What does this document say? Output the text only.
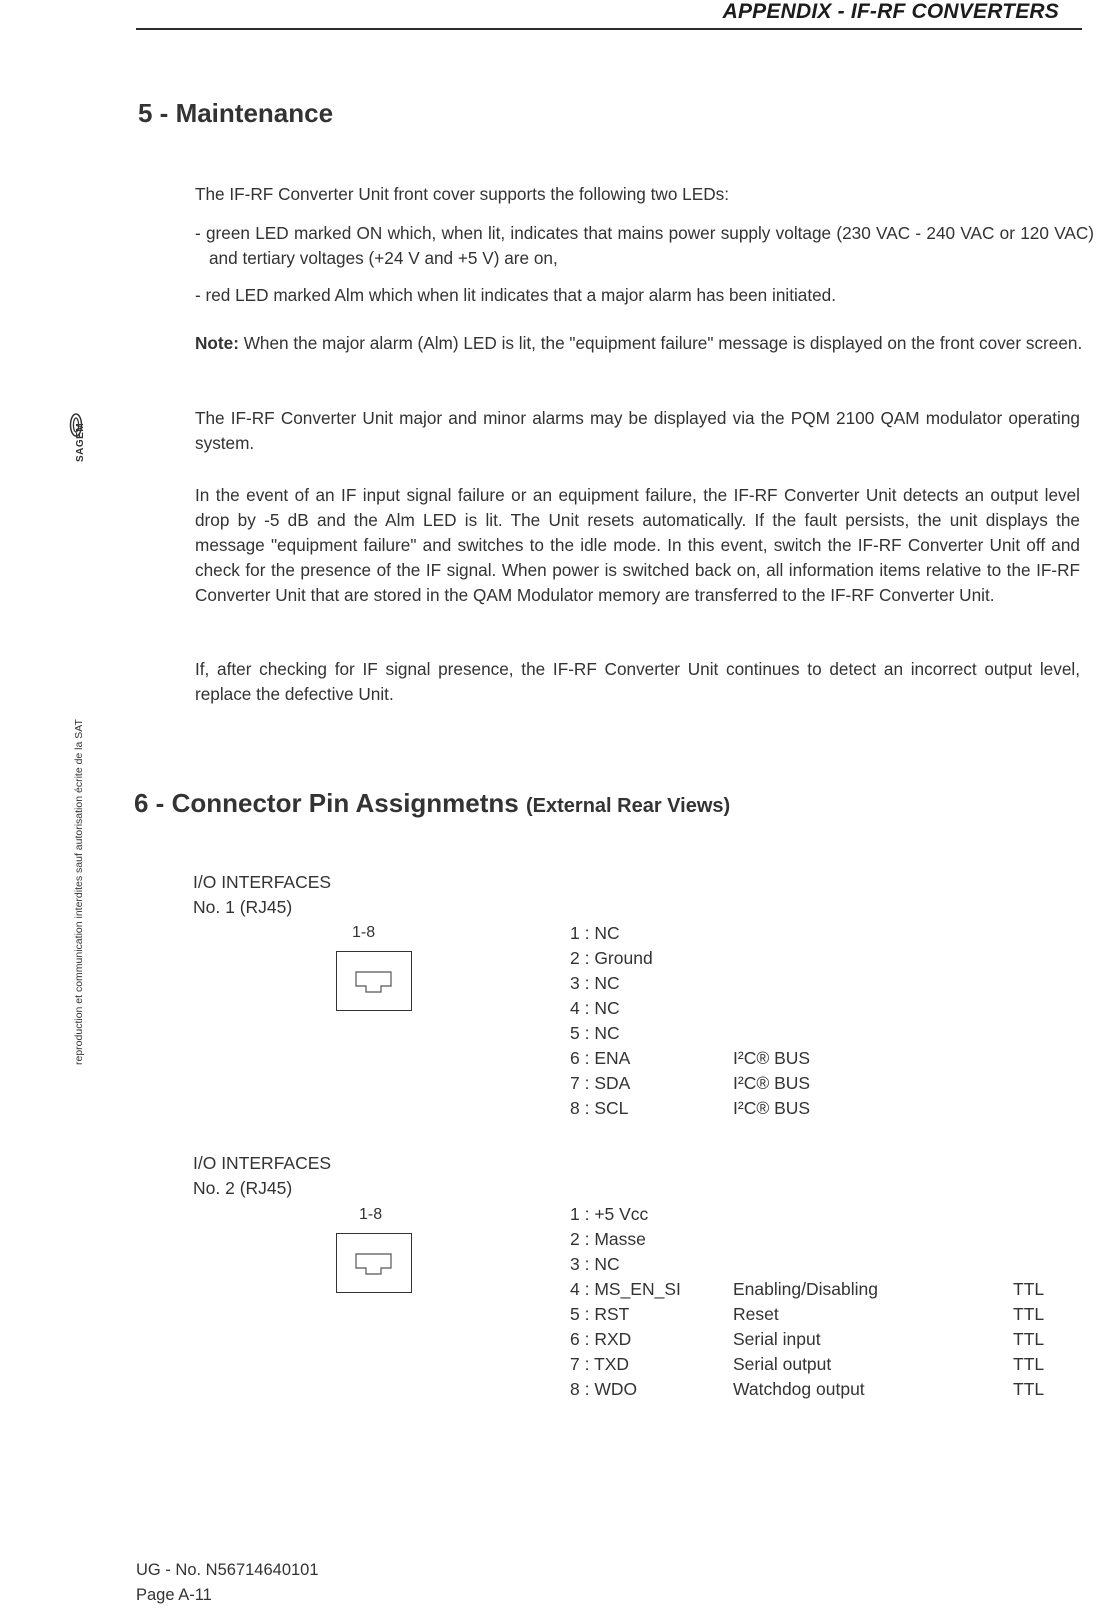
APPENDIX - IF-RF CONVERTERS
reproduction et communication interdites sauf autorisation écrite de la SAT
SAGEM
5 - Maintenance
The IF-RF Converter Unit front cover supports the following two LEDs:
- green LED marked ON which, when lit, indicates that mains power supply voltage (230 VAC - 240 VAC or 120 VAC) and tertiary voltages (+24 V and +5 V) are on,
- red LED marked Alm which when lit indicates that a major alarm has been initiated.
Note: When the major alarm (Alm) LED is lit, the "equipment failure" message is displayed on the front cover screen.
The IF-RF Converter Unit major and minor alarms may be displayed via the PQM 2100 QAM modulator operating system.
In the event of an IF input signal failure or an equipment failure, the IF-RF Converter Unit detects an output level drop by -5 dB and the Alm LED is lit. The Unit resets automatically. If the fault persists, the unit displays the message "equipment failure" and switches to the idle mode. In this event, switch the IF-RF Converter Unit off and check for the presence of the IF signal. When power is switched back on, all information items relative to the IF-RF Converter Unit that are stored in the QAM Modulator memory are transferred to the IF-RF Converter Unit.
If, after checking for IF signal presence, the IF-RF Converter Unit continues to detect an incorrect output level, replace the defective Unit.
6 - Connector Pin Assignmetns (External Rear Views)
I/O INTERFACES
No. 1 (RJ45)
1-8	1 : NC
2 : Ground
3 : NC
4 : NC
5 : NC
6 : ENA	I²C® BUS
7 : SDA	I²C® BUS
8 : SCL	I²C® BUS
I/O INTERFACES
No. 2 (RJ45)
1-8	1 : +5 Vcc
2 : Masse
3 : NC
4 : MS_EN_SI	Enabling/Disabling	TTL
5 : RST	Reset	TTL
6 : RXD	Serial input	TTL
7 : TXD	Serial output	TTL
8 : WDO	Watchdog output	TTL
UG - No. N56714640101
Page A-11
